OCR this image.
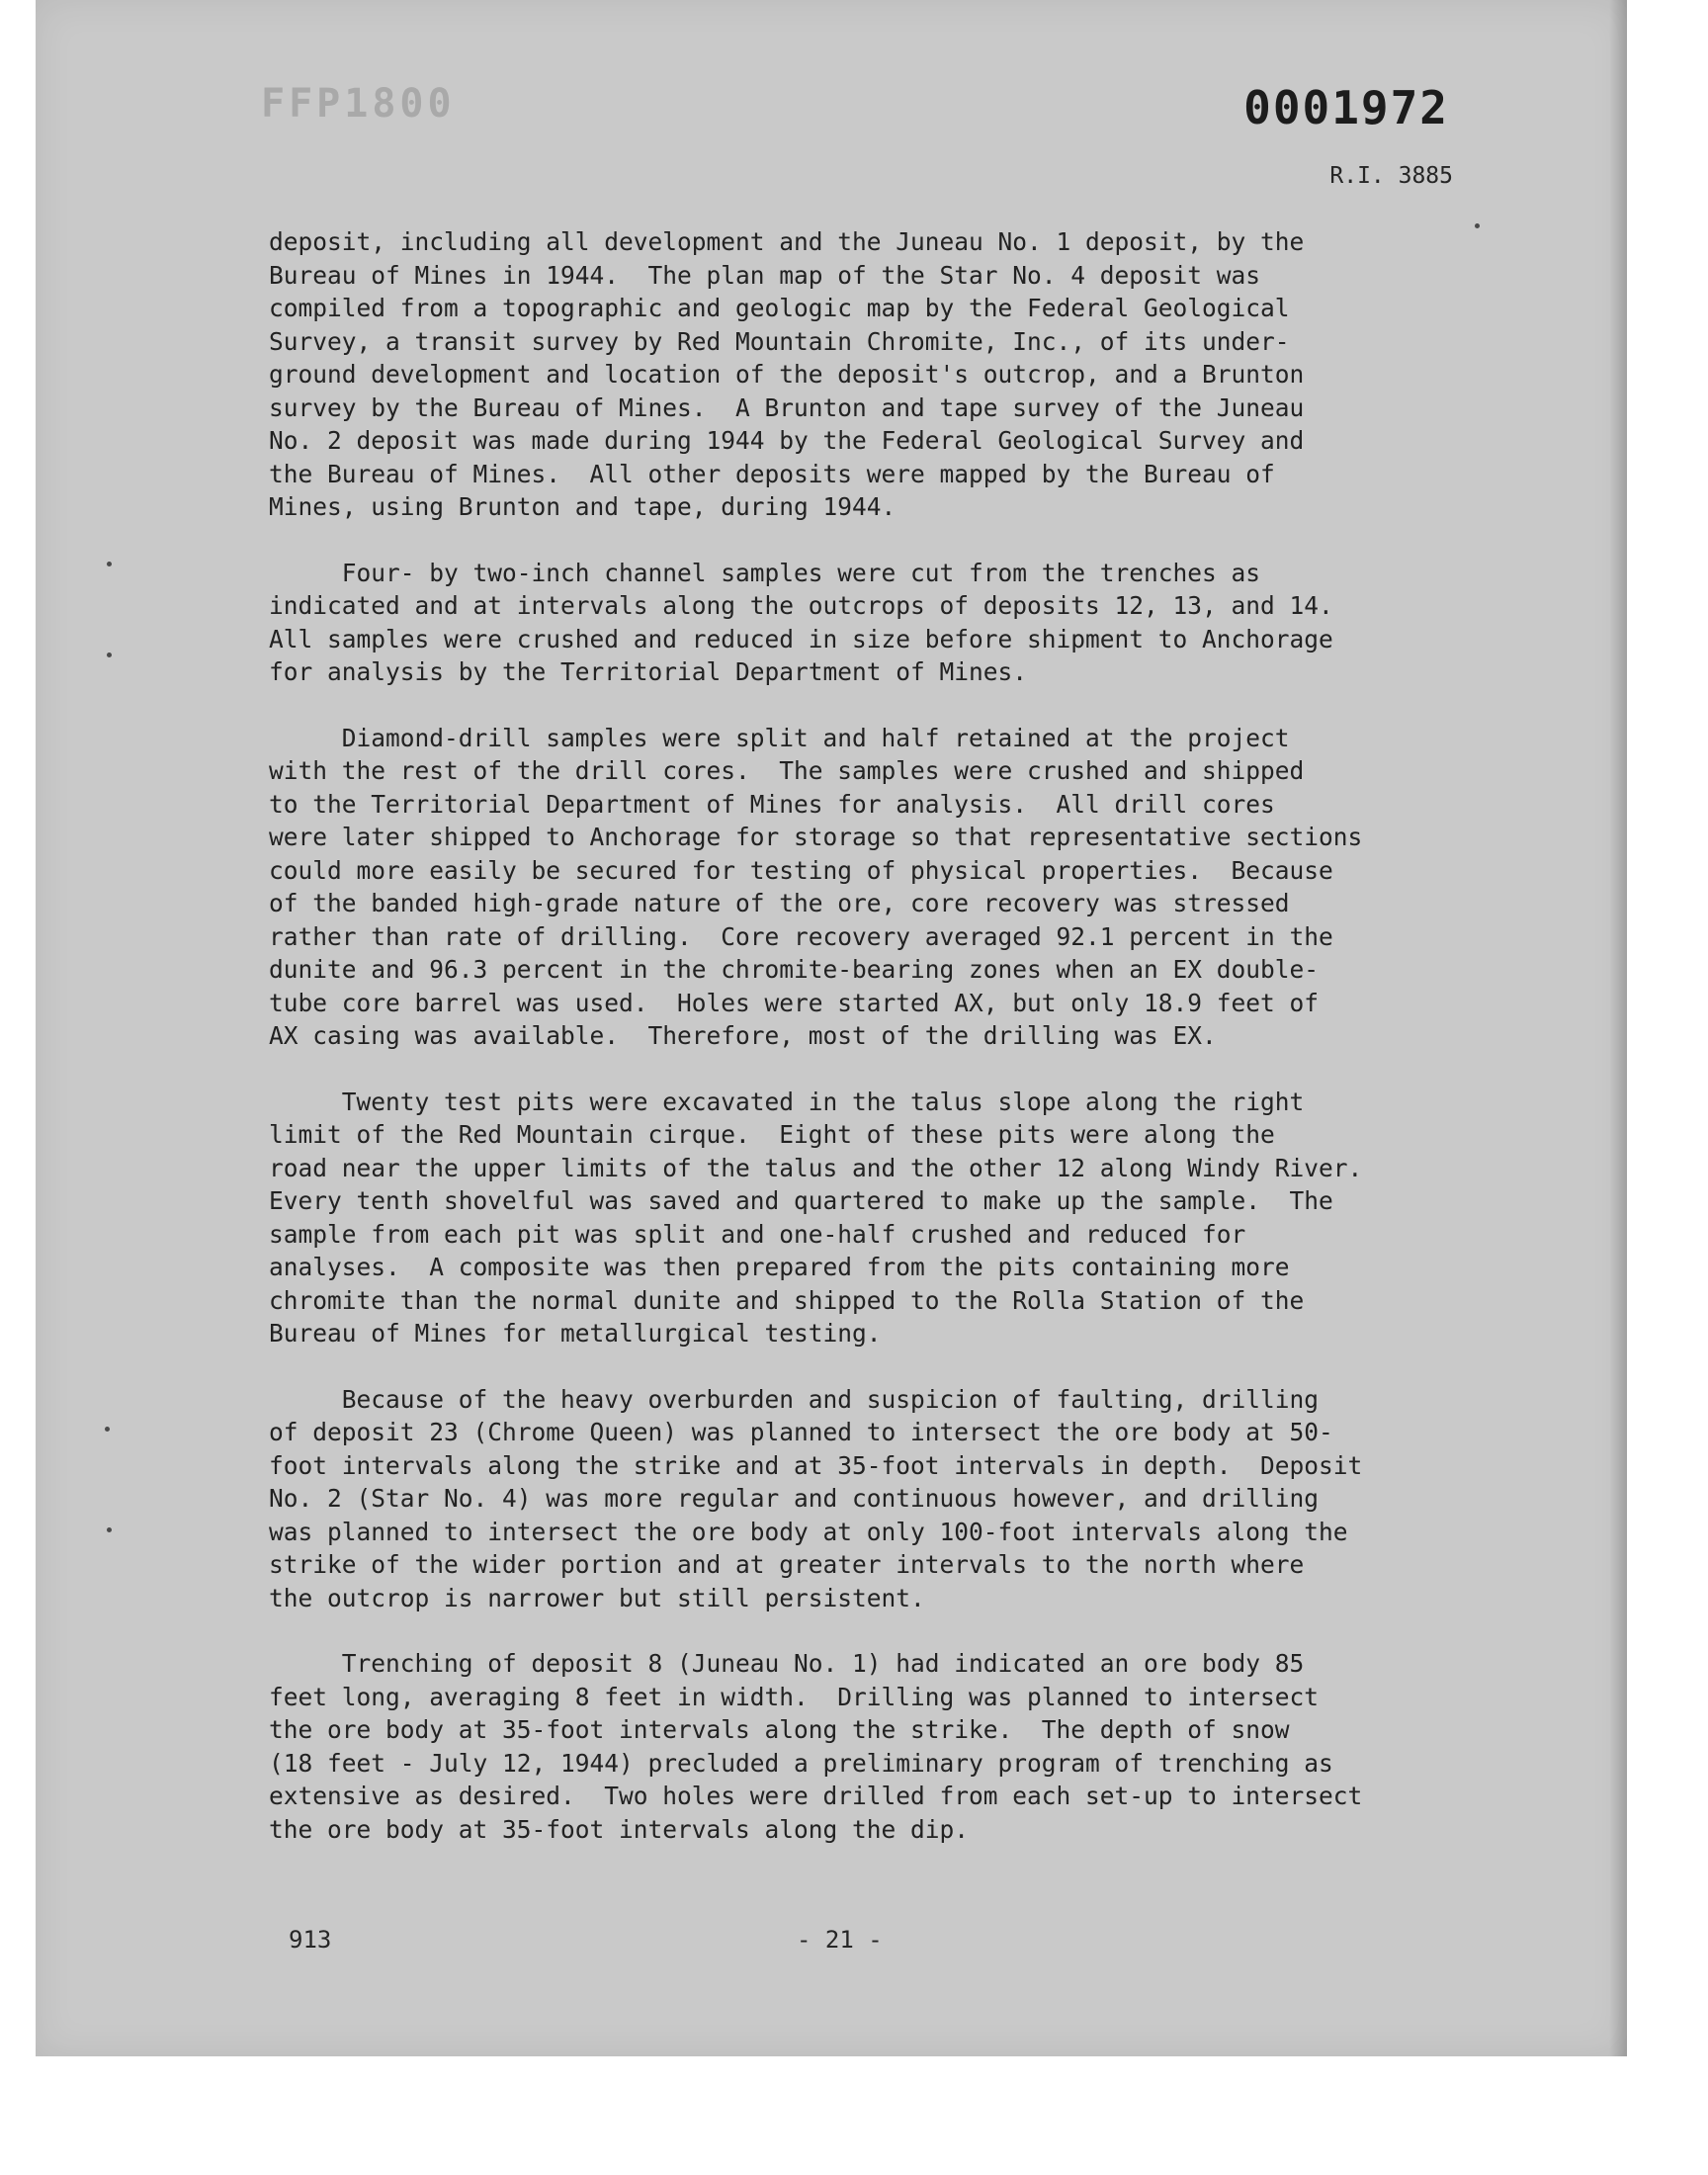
FFP1800	0001972
R.I. 3885

deposit, including all development and the Juneau No. 1 deposit, by the
Bureau of Mines in 1944.  The plan map of the Star No. 4 deposit was
compiled from a topographic and geologic map by the Federal Geological
Survey, a transit survey by Red Mountain Chromite, Inc., of its under-
ground development and location of the deposit's outcrop, and a Brunton
survey by the Bureau of Mines.  A Brunton and tape survey of the Juneau
No. 2 deposit was made during 1944 by the Federal Geological Survey and
the Bureau of Mines.  All other deposits were mapped by the Bureau of
Mines, using Brunton and tape, during 1944.

Four- by two-inch channel samples were cut from the trenches as
indicated and at intervals along the outcrops of deposits 12, 13, and 14.
All samples were crushed and reduced in size before shipment to Anchorage
for analysis by the Territorial Department of Mines.

Diamond-drill samples were split and half retained at the project
with the rest of the drill cores.  The samples were crushed and shipped
to the Territorial Department of Mines for analysis.  All drill cores
were later shipped to Anchorage for storage so that representative sections
could more easily be secured for testing of physical properties.  Because
of the banded high-grade nature of the ore, core recovery was stressed
rather than rate of drilling.  Core recovery averaged 92.1 percent in the
dunite and 96.3 percent in the chromite-bearing zones when an EX double-
tube core barrel was used.  Holes were started AX, but only 18.9 feet of
AX casing was available.  Therefore, most of the drilling was EX.

Twenty test pits were excavated in the talus slope along the right
limit of the Red Mountain cirque.  Eight of these pits were along the
road near the upper limits of the talus and the other 12 along Windy River.
Every tenth shovelful was saved and quartered to make up the sample.  The
sample from each pit was split and one-half crushed and reduced for
analyses.  A composite was then prepared from the pits containing more
chromite than the normal dunite and shipped to the Rolla Station of the
Bureau of Mines for metallurgical testing.

Because of the heavy overburden and suspicion of faulting, drilling
of deposit 23 (Chrome Queen) was planned to intersect the ore body at 50-
foot intervals along the strike and at 35-foot intervals in depth.  Deposit
No. 2 (Star No. 4) was more regular and continuous however, and drilling
was planned to intersect the ore body at only 100-foot intervals along the
strike of the wider portion and at greater intervals to the north where
the outcrop is narrower but still persistent.

Trenching of deposit 8 (Juneau No. 1) had indicated an ore body 85
feet long, averaging 8 feet in width.  Drilling was planned to intersect
the ore body at 35-foot intervals along the strike.  The depth of snow
(18 feet - July 12, 1944) precluded a preliminary program of trenching as
extensive as desired.  Two holes were drilled from each set-up to intersect
the ore body at 35-foot intervals along the dip.

913	- 21 -
